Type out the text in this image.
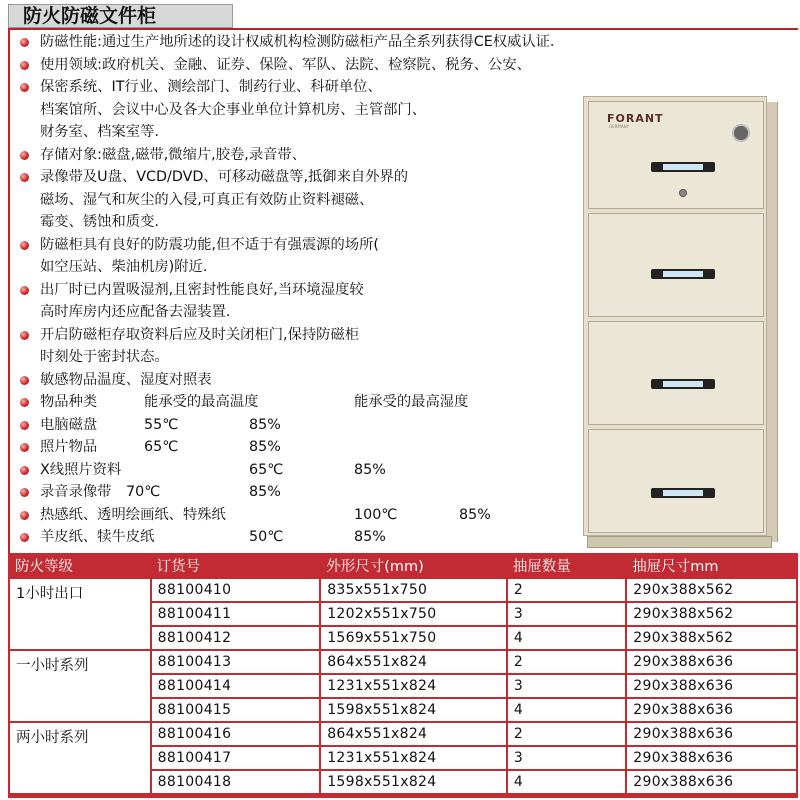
防火防磁文件柜
防磁性能:通过生产地所述的设计权威机构检测防磁柜产品全系列获得CE权威认证.
使用领域:政府机关、金融、证券、保险、军队、法院、检察院、税务、公安、
保密系统、IT行业、测绘部门、制药行业、科研单位、
档案馆所、会议中心及各大企事业单位计算机房、主管部门、
财务室、档案室等.
存储对象:磁盘,磁带,微缩片,胶卷,录音带、
录像带及U盘、VCD/DVD、可移动磁盘等,抵御来自外界的
磁场、湿气和灰尘的入侵,可真正有效防止资料褪磁、
霉变、锈蚀和质变.
防磁柜具有良好的防震功能,但不适于有强震源的场所(
如空压站、柴油机房)附近.
出厂时已内置吸湿剂,且密封性能良好,当环境湿度较
高时库房内还应配备去湿装置.
开启防磁柜存取资料后应及时关闭柜门,保持防磁柜
时刻处于密封状态。
敏感物品温度、湿度对照表
物品种类	能承受的最高温度	能承受的最高湿度
电脑磁盘	55℃	85%
照片物品	65℃	85%
X线照片资料	65℃	85%
录音录像带 70℃	85%
热感纸、透明绘画纸、特殊纸	100℃	85%
羊皮纸、犊牛皮纸	50℃	85%
FORANT
GERMANY
防火等级	订货号	外形尺寸(mm)	抽屉数量	抽屉尺寸mm
1小时出口	88100410	835x551x750	2	290x388x562
	88100411	1202x551x750	3	290x388x562
	88100412	1569x551x750	4	290x388x562
一小时系列	88100413	864x551x824	2	290x388x636
	88100414	1231x551x824	3	290x388x636
	88100415	1598x551x824	4	290x388x636
两小时系列	88100416	864x551x824	2	290x388x636
	88100417	1231x551x824	3	290x388x636
	88100418	1598x551x824	4	290x388x636
